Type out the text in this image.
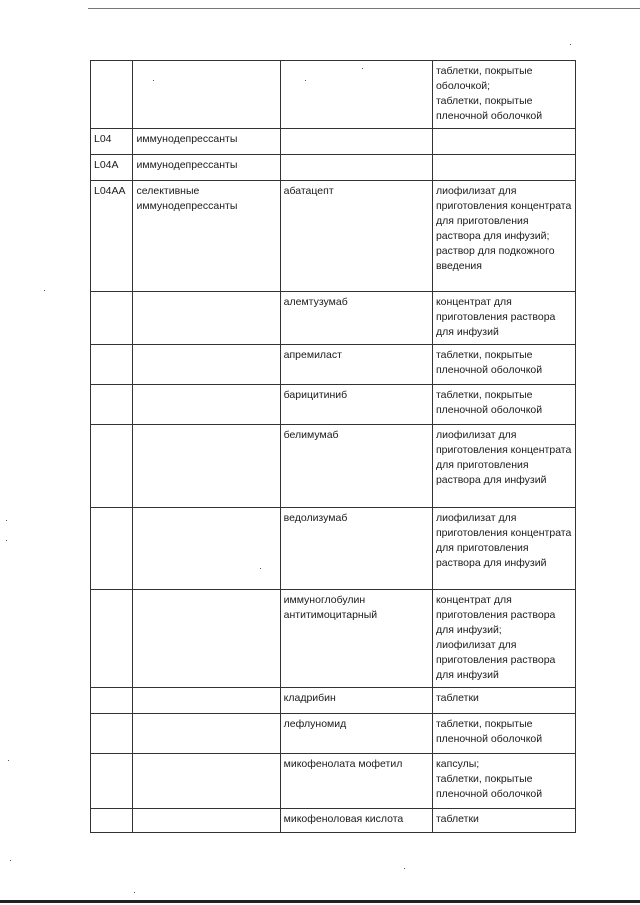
			таблетки, покрытые оболочкой;
таблетки, покрытые пленочной оболочкой
L04	иммунодепрессанты		
L04A	иммунодепрессанты		
L04AA	селективные иммунодепрессанты	абатацепт	лиофилизат для приготовления концентрата для приготовления раствора для инфузий;
раствор для подкожного введения
		алемтузумаб	концентрат для приготовления раствора для инфузий
		апремиласт	таблетки, покрытые пленочной оболочкой
		барицитиниб	таблетки, покрытые пленочной оболочкой
		белимумаб	лиофилизат для приготовления концентрата для приготовления раствора для инфузий
		ведолизумаб	лиофилизат для приготовления концентрата для приготовления раствора для инфузий
		иммуноглобулин антитимоцитарный	концентрат для приготовления раствора для инфузий;
лиофилизат для приготовления раствора для инфузий
		кладрибин	таблетки
		лефлуномид	таблетки, покрытые пленочной оболочкой
		микофенолата мофетил	капсулы;
таблетки, покрытые пленочной оболочкой
		микофеноловая кислота	таблетки
